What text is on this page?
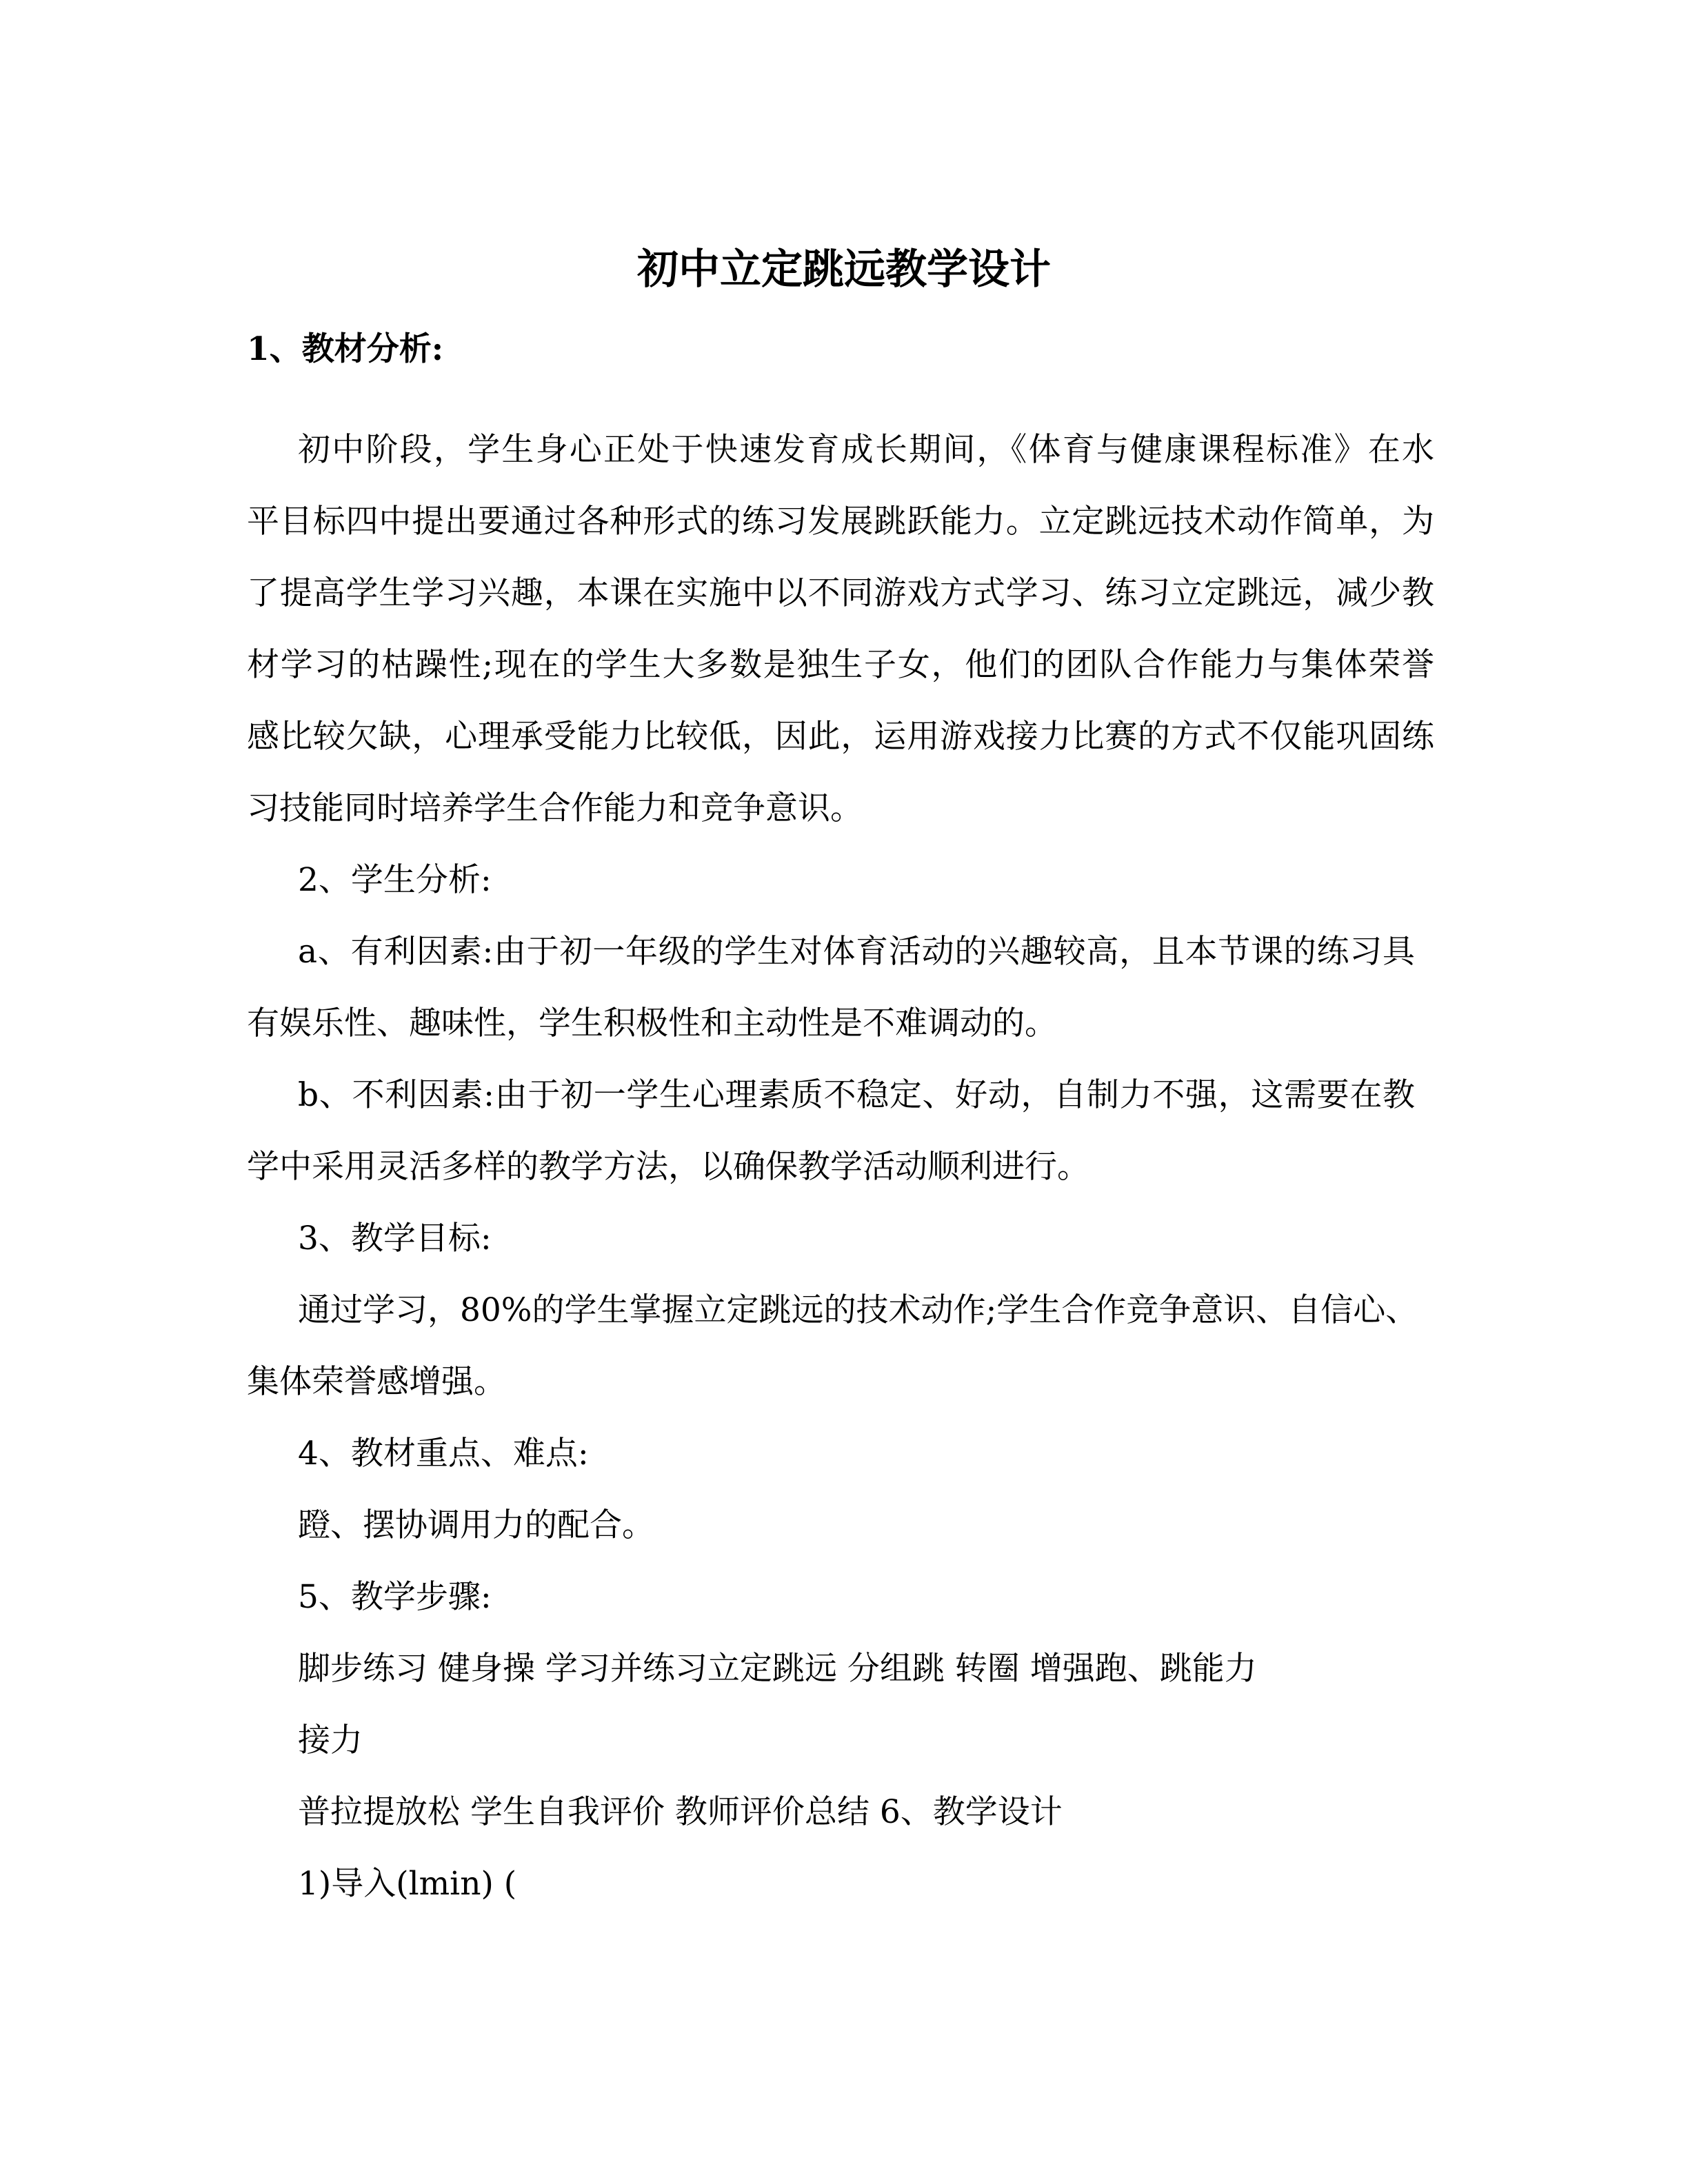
初中立定跳远教学设计
1、教材分析:
初中阶段，学生身心正处于快速发育成长期间，《体育与健康课程标准》在水
平目标四中提出要通过各种形式的练习发展跳跃能力。立定跳远技术动作简单，为
了提高学生学习兴趣，本课在实施中以不同游戏方式学习、练习立定跳远，减少教
材学习的枯躁性;现在的学生大多数是独生子女，他们的团队合作能力与集体荣誉
感比较欠缺，心理承受能力比较低，因此，运用游戏接力比赛的方式不仅能巩固练
习技能同时培养学生合作能力和竞争意识。
2、学生分析:
a、有利因素:由于初一年级的学生对体育活动的兴趣较高，且本节课的练习具
有娱乐性、趣味性，学生积极性和主动性是不难调动的。
b、不利因素:由于初一学生心理素质不稳定、好动，自制力不强，这需要在教
学中采用灵活多样的教学方法，以确保教学活动顺利进行。
3、教学目标:
通过学习，80%的学生掌握立定跳远的技术动作;学生合作竞争意识、自信心、
集体荣誉感增强。
4、教材重点、难点:
蹬、摆协调用力的配合。
5、教学步骤:
脚步练习 健身操 学习并练习立定跳远 分组跳 转圈 增强跑、跳能力
接力
普拉提放松 学生自我评价 教师评价总结 6、教学设计
1)导入(lmin) (
